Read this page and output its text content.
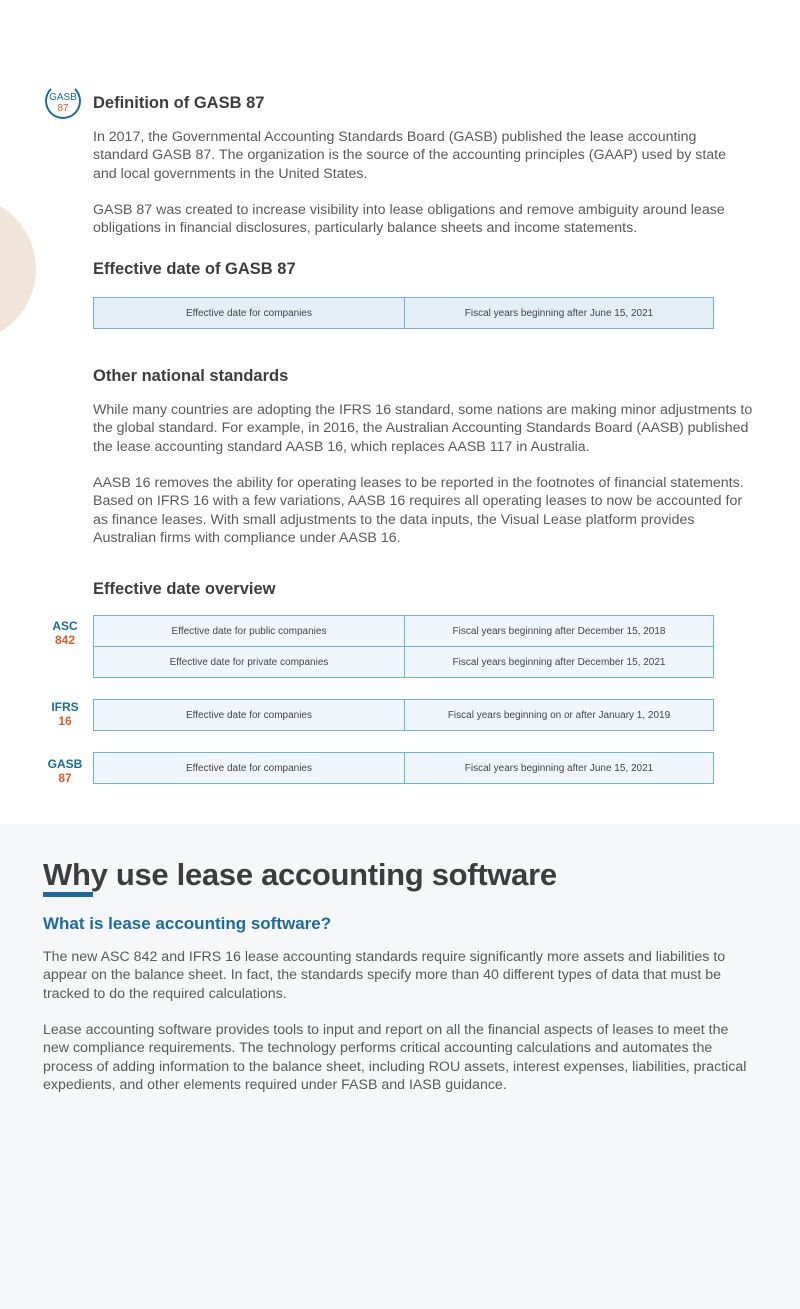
GASB
87	Definition of GASB 87

In 2017, the Governmental Accounting Standards Board (GASB) published the lease accounting standard GASB 87. The organization is the source of the accounting principles (GAAP) used by state and local governments in the United States.

GASB 87 was created to increase visibility into lease obligations and remove ambiguity around lease obligations in financial disclosures, particularly balance sheets and income statements.

Effective date of GASB 87
Effective date for companies	Fiscal years beginning after June 15, 2021
Other national standards

While many countries are adopting the IFRS 16 standard, some nations are making minor adjustments to the global standard. For example, in 2016, the Australian Accounting Standards Board (AASB) published the lease accounting standard AASB 16, which replaces AASB 117 in Australia.

AASB 16 removes the ability for operating leases to be reported in the footnotes of financial statements. Based on IFRS 16 with a few variations, AASB 16 requires all operating leases to now be accounted for as finance leases. With small adjustments to the data inputs, the Visual Lease platform provides Australian firms with compliance under AASB 16.

Effective date overview
ASC
842
Effective date for public companies	Fiscal years beginning after December 15, 2018
Effective date for private companies	Fiscal years beginning after December 15, 2021
IFRS
16	Effective date for companies	Fiscal years beginning on or after January 1, 2019
GASB
87
Effective date for companies	Fiscal years beginning after June 15, 2021
Why use lease accounting software
What is lease accounting software?

The new ASC 842 and IFRS 16 lease accounting standards require significantly more assets and liabilities to appear on the balance sheet. In fact, the standards specify more than 40 different types of data that must be tracked to do the required calculations.

Lease accounting software provides tools to input and report on all the financial aspects of leases to meet the new compliance requirements. The technology performs critical accounting calculations and automates the process of adding information to the balance sheet, including ROU assets, interest expenses, liabilities, practical expedients, and other elements required under FASB and IASB guidance.
